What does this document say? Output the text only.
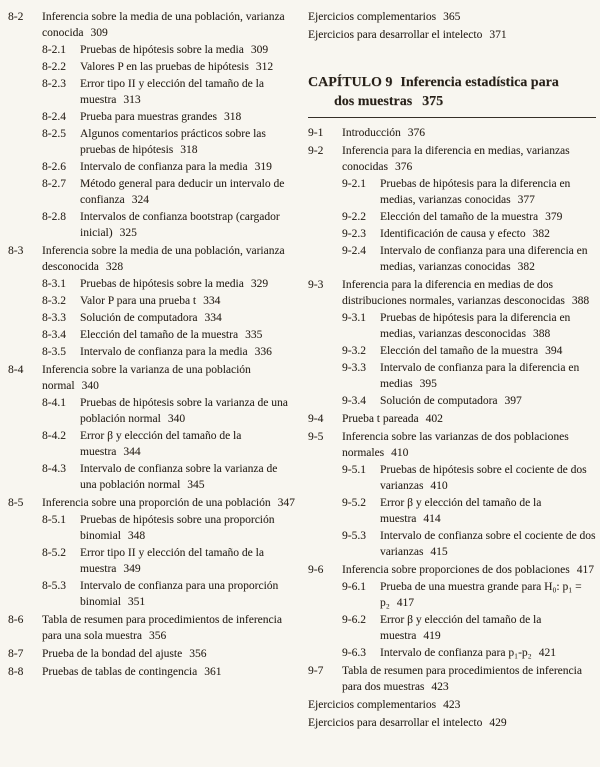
8-2 Inferencia sobre la media de una población, varianza conocida 309
8-2.1 Pruebas de hipótesis sobre la media 309
8-2.2 Valores P en las pruebas de hipótesis 312
8-2.3 Error tipo II y elección del tamaño de la muestra 313
8-2.4 Prueba para muestras grandes 318
8-2.5 Algunos comentarios prácticos sobre las pruebas de hipótesis 318
8-2.6 Intervalo de confianza para la media 319
8-2.7 Método general para deducir un intervalo de confianza 324
8-2.8 Intervalos de confianza bootstrap (cargador inicial) 325
8-3 Inferencia sobre la media de una población, varianza desconocida 328
8-3.1 Pruebas de hipótesis sobre la media 329
8-3.2 Valor P para una prueba t 334
8-3.3 Solución de computadora 334
8-3.4 Elección del tamaño de la muestra 335
8-3.5 Intervalo de confianza para la media 336
8-4 Inferencia sobre la varianza de una población normal 340
8-4.1 Pruebas de hipótesis sobre la varianza de una población normal 340
8-4.2 Error β y elección del tamaño de la muestra 344
8-4.3 Intervalo de confianza sobre la varianza de una población normal 345
8-5 Inferencia sobre una proporción de una población 347
8-5.1 Pruebas de hipótesis sobre una proporción binomial 348
8-5.2 Error tipo II y elección del tamaño de la muestra 349
8-5.3 Intervalo de confianza para una proporción binomial 351
8-6 Tabla de resumen para procedimientos de inferencia para una sola muestra 356
8-7 Prueba de la bondad del ajuste 356
8-8 Pruebas de tablas de contingencia 361
Ejercicios complementarios 365
Ejercicios para desarrollar el intelecto 371
CAPÍTULO 9 Inferencia estadística para dos muestras 375
9-1 Introducción 376
9-2 Inferencia para la diferencia en medias, varianzas conocidas 376
9-2.1 Pruebas de hipótesis para la diferencia en medias, varianzas conocidas 377
9-2.2 Elección del tamaño de la muestra 379
9-2.3 Identificación de causa y efecto 382
9-2.4 Intervalo de confianza para una diferencia en medias, varianzas conocidas 382
9-3 Inferencia para la diferencia en medias de dos distribuciones normales, varianzas desconocidas 388
9-3.1 Pruebas de hipótesis para la diferencia en medias, varianzas desconocidas 388
9-3.2 Elección del tamaño de la muestra 394
9-3.3 Intervalo de confianza para la diferencia en medias 395
9-3.4 Solución de computadora 397
9-4 Prueba t pareada 402
9-5 Inferencia sobre las varianzas de dos poblaciones normales 410
9-5.1 Pruebas de hipótesis sobre el cociente de dos varianzas 410
9-5.2 Error β y elección del tamaño de la muestra 414
9-5.3 Intervalo de confianza sobre el cociente de dos varianzas 415
9-6 Inferencia sobre proporciones de dos poblaciones 417
9-6.1 Prueba de una muestra grande para H₀: p₁ = p₂ 417
9-6.2 Error β y elección del tamaño de la muestra 419
9-6.3 Intervalo de confianza para p₁-p₂ 421
9-7 Tabla de resumen para procedimientos de inferencia para dos muestras 423
Ejercicios complementarios 423
Ejercicios para desarrollar el intelecto 429
